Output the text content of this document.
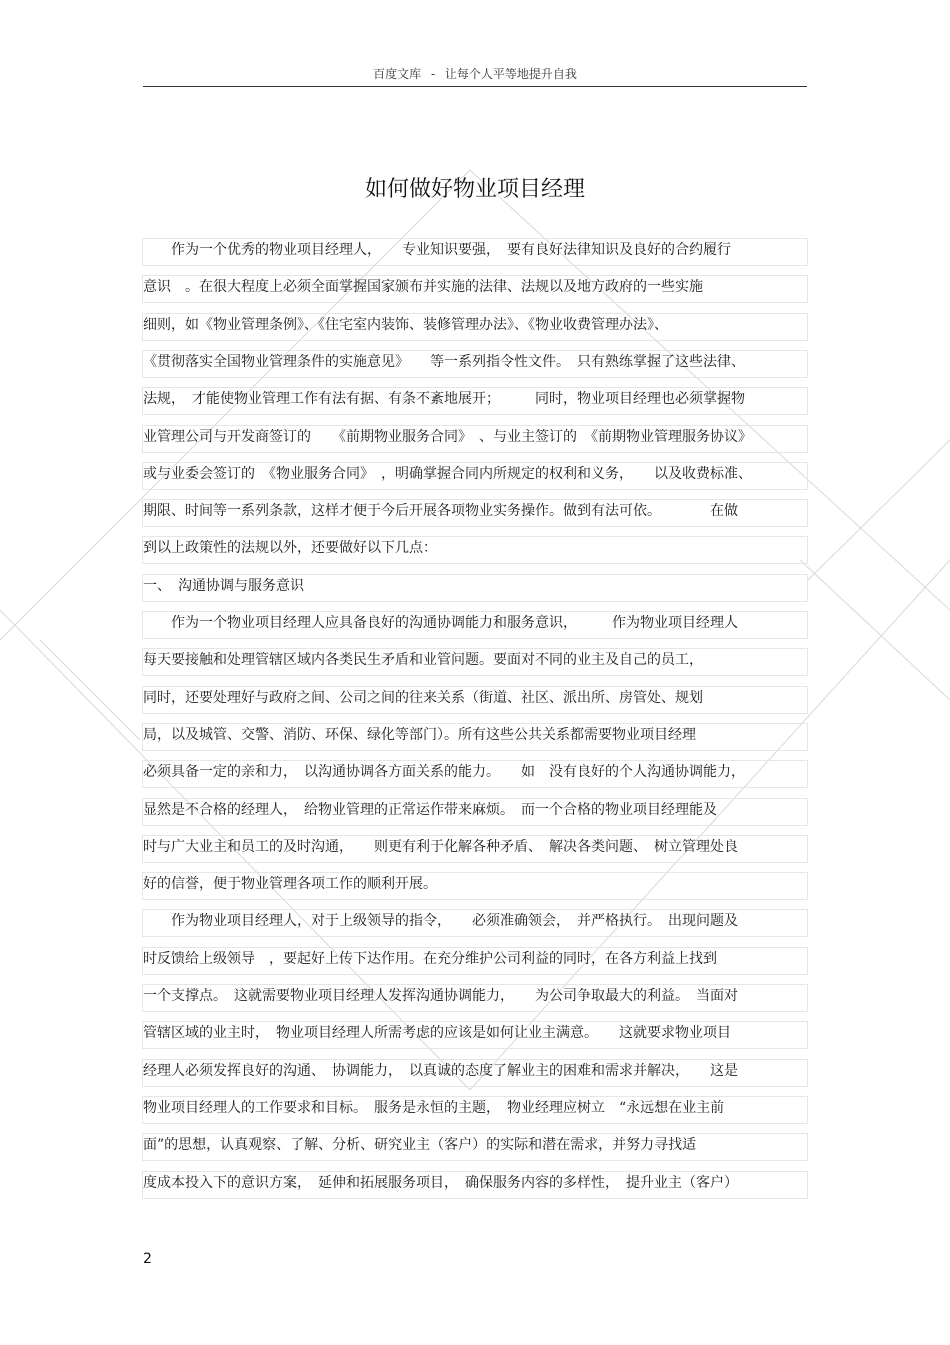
百度文库 - 让每个人平等地提升自我
如何做好物业项目经理
　　作为一个优秀的物业项目经理人，　　专业知识要强，　要有良好法律知识及良好的合约履行
意识　。在很大程度上必须全面掌握国家颁布并实施的法律、法规以及地方政府的一些实施
细则，如《物业管理条例》、《住宅室内装饰、装修管理办法》、《物业收费管理办法》、
《贯彻落实全国物业管理条件的实施意见》　　等一系列指令性文件。　只有熟练掌握了这些法律、
法规，　才能使物业管理工作有法有据、有条不紊地展开；　　　同时，物业项目经理也必须掌握物
业管理公司与开发商签订的　　《前期物业服务合同》　、与业主签订的　《前期物业管理服务协议》
或与业委会签订的　《物业服务合同》　，明确掌握合同内所规定的权利和义务，　　以及收费标准、
期限、时间等一系列条款，这样才便于今后开展各项物业实务操作。做到有法可依。　　　　在做
到以上政策性的法规以外，还要做好以下几点：
一、　沟通协调与服务意识
　　作为一个物业项目经理人应具备良好的沟通协调能力和服务意识，　　　作为物业项目经理人
每天要接触和处理管辖区域内各类民生矛盾和业管问题。要面对不同的业主及自己的员工，
同时，还要处理好与政府之间、公司之间的往来关系（街道、社区、派出所、房管处、规划
局，以及城管、交警、消防、环保、绿化等部门）。所有这些公共关系都需要物业项目经理
必须具备一定的亲和力，　以沟通协调各方面关系的能力。　　如　没有良好的个人沟通协调能力，
显然是不合格的经理人，　给物业管理的正常运作带来麻烦。　而一个合格的物业项目经理能及
时与广大业主和员工的及时沟通，　　则更有利于化解各种矛盾、　解决各类问题、　树立管理处良
好的信誉，便于物业管理各项工作的顺利开展。
　　作为物业项目经理人，对于上级领导的指令，　　必须准确领会，　并严格执行。　出现问题及
时反馈给上级领导　，要起好上传下达作用。在充分维护公司利益的同时，在各方利益上找到
一个支撑点。　这就需要物业项目经理人发挥沟通协调能力，　　为公司争取最大的利益。　当面对
管辖区域的业主时，　物业项目经理人所需考虑的应该是如何让业主满意。　　这就要求物业项目
经理人必须发挥良好的沟通、　协调能力，　以真诚的态度了解业主的困难和需求并解决，　　这是
物业项目经理人的工作要求和目标。　服务是永恒的主题，　物业经理应树立　“永远想在业主前
面”的思想，认真观察、了解、分析、研究业主（客户）的实际和潜在需求，并努力寻找适
度成本投入下的意识方案，　延伸和拓展服务项目，　确保服务内容的多样性，　提升业主（客户）
2
